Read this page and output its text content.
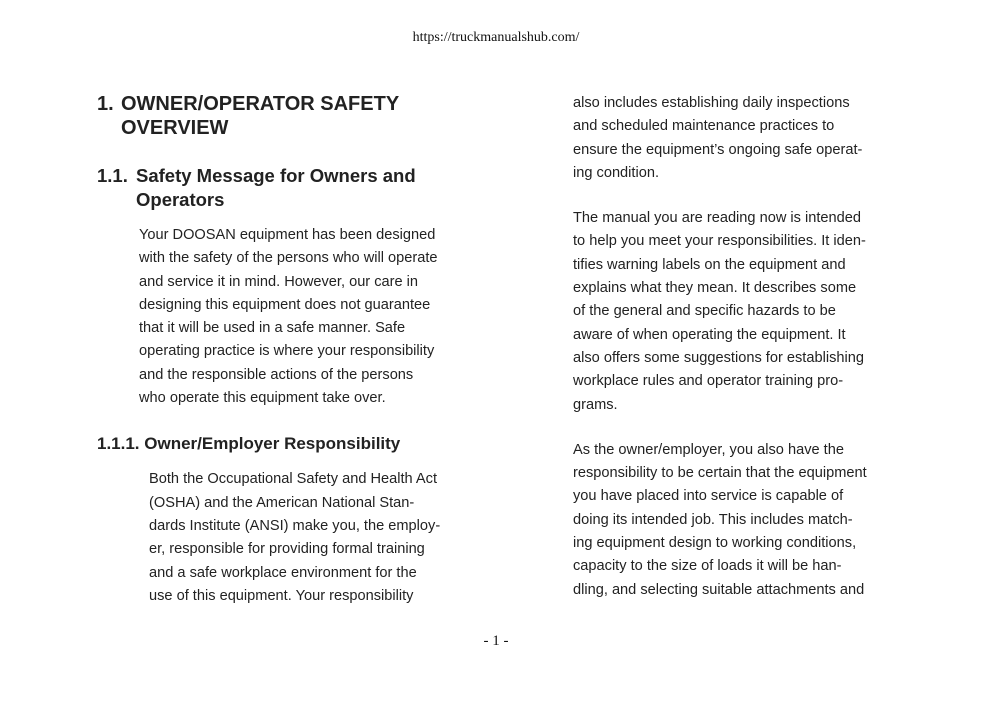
https://truckmanualshub.com/
1. OWNER/OPERATOR SAFETY
OVERVIEW
1.1. Safety Message for Owners and
Operators

Your DOOSAN equipment has been designed

with the safety of the persons who will operate

and service it in mind. However, our care in

designing this equipment does not guarantee

that it will be used in a safe manner. Safe

operating practice is where your responsibility

and the responsible actions of the persons

who operate this equipment take over.

1.1.1. Owner/Employer Responsibility

Both the Occupational Safety and Health Act

(OSHA) and the American National Stan-

dards Institute (ANSI) make you, the employ-

er, responsible for providing formal training

and a safe workplace environment for the

use of this equipment. Your responsibility

also includes establishing daily inspections

and scheduled maintenance practices to

ensure the equipment’s ongoing safe operat-

ing condition.

The manual you are reading now is intended

to help you meet your responsibilities. It iden-

tifies warning labels on the equipment and

explains what they mean. It describes some

of the general and specific hazards to be

aware of when operating the equipment. It

also offers some suggestions for establishing

workplace rules and operator training pro-

grams.

As the owner/employer, you also have the

responsibility to be certain that the equipment

you have placed into service is capable of

doing its intended job. This includes match-

ing equipment design to working conditions,

capacity to the size of loads it will be han-

dling, and selecting suitable attachments and

- 1 -
